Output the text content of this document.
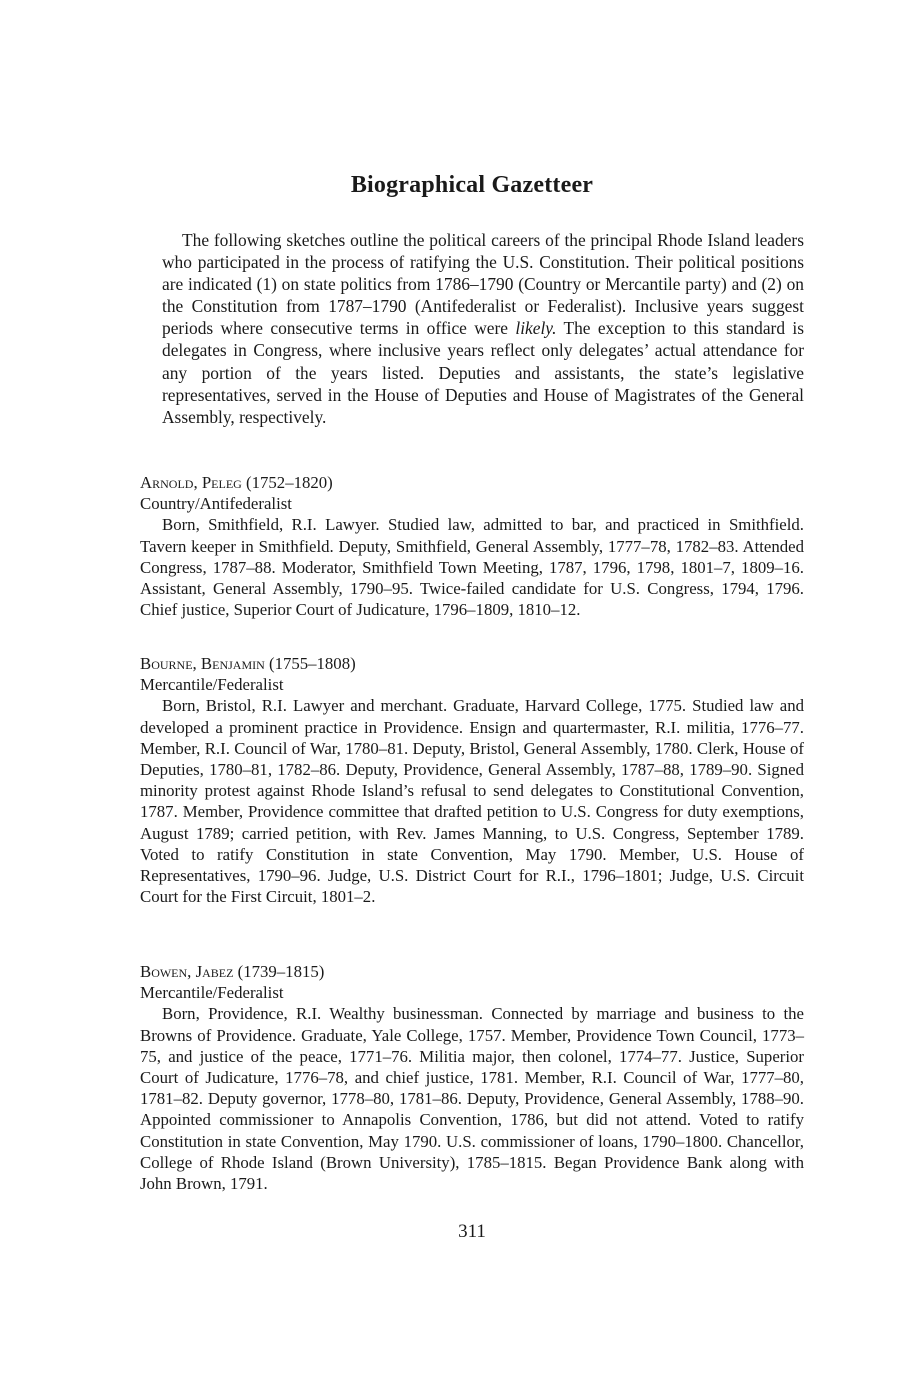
Biographical Gazetteer

The following sketches outline the political careers of the principal Rhode Island leaders who participated in the process of ratifying the U.S. Constitution. Their political positions are indicated (1) on state politics from 1786–1790 (Country or Mercantile party) and (2) on the Constitution from 1787–1790 (Antifederalist or Federalist). Inclusive years suggest periods where consecutive terms in office were likely. The exception to this standard is delegates in Congress, where inclusive years reflect only delegates’ actual attendance for any portion of the years listed. Deputies and assistants, the state’s legislative representatives, served in the House of Deputies and House of Magistrates of the General Assembly, respectively.

Arnold, Peleg (1752–1820)

Country/Antifederalist

Born, Smithfield, R.I. Lawyer. Studied law, admitted to bar, and practiced in Smithfield. Tavern keeper in Smithfield. Deputy, Smithfield, General Assembly, 1777–78, 1782–83. Attended Congress, 1787–88. Moderator, Smithfield Town Meeting, 1787, 1796, 1798, 1801–7, 1809–16. Assistant, General Assembly, 1790–95. Twice-failed candidate for U.S. Congress, 1794, 1796. Chief justice, Superior Court of Judicature, 1796–1809, 1810–12.

Bourne, Benjamin (1755–1808)

Mercantile/Federalist

Born, Bristol, R.I. Lawyer and merchant. Graduate, Harvard College, 1775. Studied law and developed a prominent practice in Providence. Ensign and quartermaster, R.I. militia, 1776–77. Member, R.I. Council of War, 1780–81. Deputy, Bristol, General Assembly, 1780. Clerk, House of Deputies, 1780–81, 1782–86. Deputy, Providence, General Assembly, 1787–88, 1789–90. Signed minority protest against Rhode Island’s refusal to send delegates to Constitutional Convention, 1787. Member, Providence committee that drafted petition to U.S. Congress for duty exemptions, August 1789; carried petition, with Rev. James Manning, to U.S. Congress, September 1789. Voted to ratify Constitution in state Convention, May 1790. Member, U.S. House of Representatives, 1790–96. Judge, U.S. District Court for R.I., 1796–1801; Judge, U.S. Circuit Court for the First Circuit, 1801–2.

Bowen, Jabez (1739–1815)

Mercantile/Federalist

Born, Providence, R.I. Wealthy businessman. Connected by marriage and business to the Browns of Providence. Graduate, Yale College, 1757. Member, Providence Town Council, 1773–75, and justice of the peace, 1771–76. Militia major, then colonel, 1774–77. Justice, Superior Court of Judicature, 1776–78, and chief justice, 1781. Member, R.I. Council of War, 1777–80, 1781–82. Deputy governor, 1778–80, 1781–86. Deputy, Providence, General Assembly, 1788–90. Appointed commissioner to Annapolis Convention, 1786, but did not attend. Voted to ratify Constitution in state Convention, May 1790. U.S. commissioner of loans, 1790–1800. Chancellor, College of Rhode Island (Brown University), 1785–1815. Began Providence Bank along with John Brown, 1791.

311
